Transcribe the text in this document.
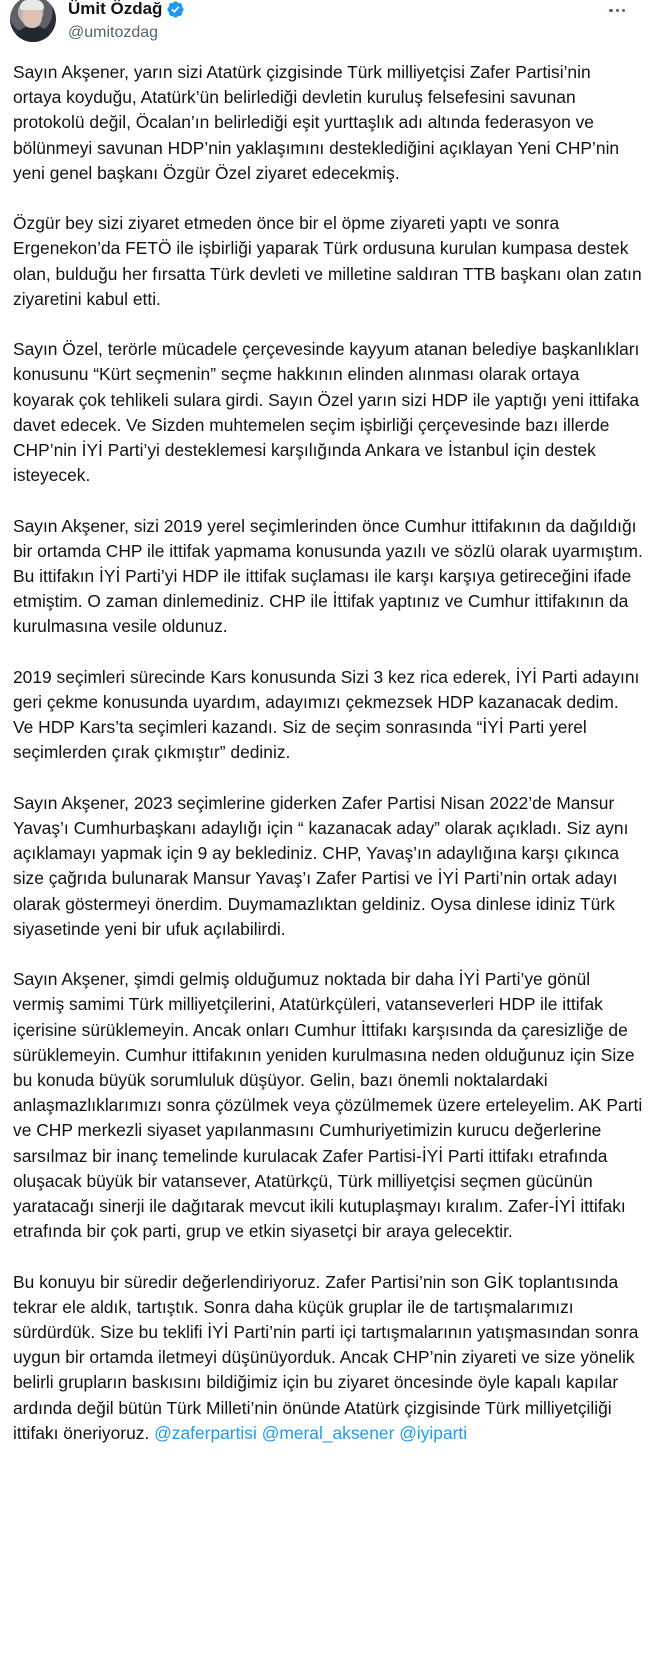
Ümit Özdağ
@umitozdag

Sayın Akşener, yarın sizi Atatürk çizgisinde Türk milliyetçisi Zafer Partisi’nin ortaya koyduğu, Atatürk’ün belirlediği devletin kuruluş felsefesini savunan protokolü değil, Öcalan’ın belirlediği eşit yurttaşlık adı altında federasyon ve bölünmeyi savunan HDP’nin yaklaşımını desteklediğini açıklayan Yeni CHP’nin yeni genel başkanı Özgür Özel ziyaret edecekmiş.

Özgür bey sizi ziyaret etmeden önce bir el öpme ziyareti yaptı ve sonra Ergenekon’da FETÖ ile işbirliği yaparak Türk ordusuna kurulan kumpasa destek olan, bulduğu her fırsatta Türk devleti ve milletine saldıran TTB başkanı olan zatın ziyaretini kabul etti.

Sayın Özel, terörle mücadele çerçevesinde kayyum atanan belediye başkanlıkları konusunu “Kürt seçmenin” seçme hakkının elinden alınması olarak ortaya koyarak çok tehlikeli sulara girdi. Sayın Özel yarın sizi HDP ile yaptığı yeni ittifaka davet edecek. Ve Sizden muhtemelen seçim işbirliği çerçevesinde bazı illerde CHP’nin İYİ Parti’yi desteklemesi karşılığında Ankara ve İstanbul için destek isteyecek.

Sayın Akşener, sizi 2019 yerel seçimlerinden önce Cumhur ittifakının da dağıldığı bir ortamda CHP ile ittifak yapmama konusunda yazılı ve sözlü olarak uyarmıştım. Bu ittifakın İYİ Parti’yi HDP ile ittifak suçlaması ile karşı karşıya getireceğini ifade etmiştim. O zaman dinlemediniz. CHP ile İttifak yaptınız ve Cumhur ittifakının da kurulmasına vesile oldunuz.

2019 seçimleri sürecinde Kars konusunda Sizi 3 kez rica ederek, İYİ Parti adayını geri çekme konusunda uyardım, adayımızı çekmezsek HDP kazanacak dedim. Ve HDP Kars’ta seçimleri kazandı. Siz de seçim sonrasında “İYİ Parti yerel seçimlerden çırak çıkmıştır” dediniz.

Sayın Akşener, 2023 seçimlerine giderken Zafer Partisi Nisan 2022’de Mansur Yavaş’ı Cumhurbaşkanı adaylığı için “ kazanacak aday” olarak açıkladı. Siz aynı açıklamayı yapmak için 9 ay beklediniz. CHP, Yavaş’ın adaylığına karşı çıkınca size çağrıda bulunarak Mansur Yavaş’ı Zafer Partisi ve İYİ Parti’nin ortak adayı olarak göstermeyi önerdim. Duymamazlıktan geldiniz. Oysa dinlese idiniz Türk siyasetinde yeni bir ufuk açılabilirdi.

Sayın Akşener, şimdi gelmiş olduğumuz noktada bir daha İYİ Parti’ye gönül vermiş samimi Türk milliyetçilerini, Atatürkçüleri, vatanseverleri HDP ile ittifak içerisine sürüklemeyin. Ancak onları Cumhur İttifakı karşısında da çaresizliğe de sürüklemeyin. Cumhur ittifakının yeniden kurulmasına neden olduğunuz için Size bu konuda büyük sorumluluk düşüyor. Gelin, bazı önemli noktalardaki anlaşmazlıklarımızı sonra çözülmek veya çözülmemek üzere erteleyelim. AK Parti ve CHP merkezli siyaset yapılanmasını Cumhuriyetimizin kurucu değerlerine sarsılmaz bir inanç temelinde kurulacak Zafer Partisi-İYİ Parti ittifakı etrafında oluşacak büyük bir vatansever, Atatürkçü, Türk milliyetçisi seçmen gücünün yaratacağı sinerji ile dağıtarak mevcut ikili kutuplaşmayı kıralım. Zafer-İYİ ittifakı etrafında bir çok parti, grup ve etkin siyasetçi bir araya gelecektir.

Bu konuyu bir süredir değerlendiriyoruz. Zafer Partisi’nin son GİK toplantısında tekrar ele aldık, tartıştık. Sonra daha küçük gruplar ile de tartışmalarımızı sürdürdük. Size bu teklifi İYİ Parti’nin parti içi tartışmalarının yatışmasından sonra uygun bir ortamda iletmeyi düşünüyorduk. Ancak CHP’nin ziyareti ve size yönelik belirli grupların baskısını bildiğimiz için bu ziyaret öncesinde öyle kapalı kapılar ardında değil bütün Türk Milleti’nin önünde Atatürk çizgisinde Türk milliyetçiliği ittifakı öneriyoruz. @zaferpartisi @meral_aksener @iyiparti
